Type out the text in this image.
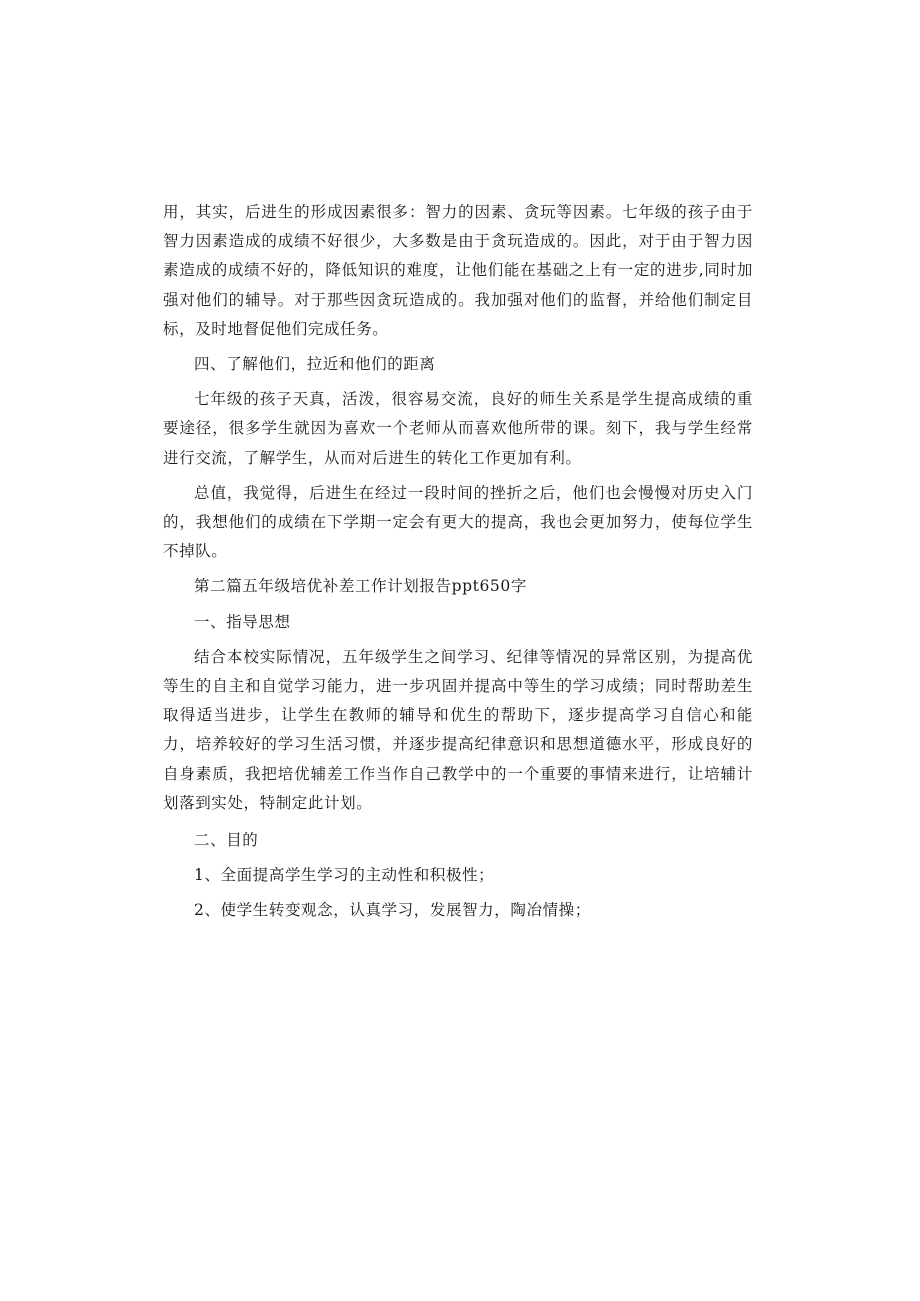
用，其实，后进生的形成因素很多：智力的因素、贪玩等因素。七年级的孩子由于智力因素造成的成绩不好很少，大多数是由于贪玩造成的。因此，对于由于智力因素造成的成绩不好的，降低知识的难度，让他们能在基础之上有一定的进步,同时加强对他们的辅导。对于那些因贪玩造成的。我加强对他们的监督，并给他们制定目标，及时地督促他们完成任务。

四、了解他们，拉近和他们的距离

七年级的孩子天真，活泼，很容易交流，良好的师生关系是学生提高成绩的重要途径，很多学生就因为喜欢一个老师从而喜欢他所带的课。刻下，我与学生经常进行交流，了解学生，从而对后进生的转化工作更加有利。

总值，我觉得，后进生在经过一段时间的挫折之后，他们也会慢慢对历史入门的，我想他们的成绩在下学期一定会有更大的提高，我也会更加努力，使每位学生不掉队。

第二篇五年级培优补差工作计划报告ppt650字

一、指导思想

结合本校实际情况，五年级学生之间学习、纪律等情况的异常区别，为提高优等生的自主和自觉学习能力，进一步巩固并提高中等生的学习成绩；同时帮助差生取得适当进步，让学生在教师的辅导和优生的帮助下，逐步提高学习自信心和能力，培养较好的学习生活习惯，并逐步提高纪律意识和思想道德水平，形成良好的自身素质，我把培优辅差工作当作自己教学中的一个重要的事情来进行，让培辅计划落到实处，特制定此计划。

二、目的

1、全面提高学生学习的主动性和积极性；

2、使学生转变观念，认真学习，发展智力，陶冶情操；
